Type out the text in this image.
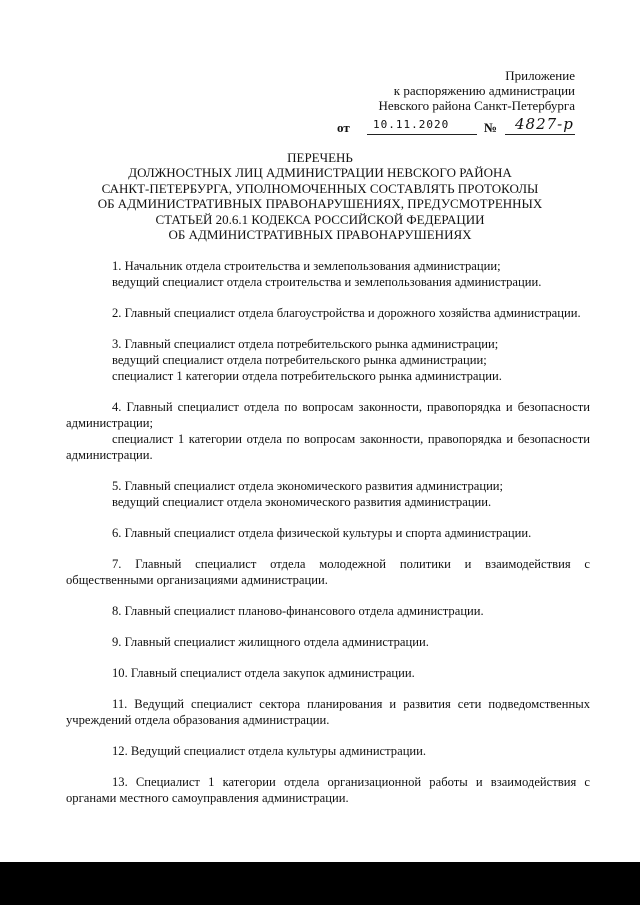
Приложение
к распоряжению администрации
Невского района Санкт-Петербурга
от 10.11.2020	№ 4827-р
ПЕРЕЧЕНЬ
ДОЛЖНОСТНЫХ ЛИЦ АДМИНИСТРАЦИИ НЕВСКОГО РАЙОНА
САНКТ-ПЕТЕРБУРГА, УПОЛНОМОЧЕННЫХ СОСТАВЛЯТЬ ПРОТОКОЛЫ
ОБ АДМИНИСТРАТИВНЫХ ПРАВОНАРУШЕНИЯХ, ПРЕДУСМОТРЕННЫХ
СТАТЬЕЙ 20.6.1 КОДЕКСА РОССИЙСКОЙ ФЕДЕРАЦИИ
ОБ АДМИНИСТРАТИВНЫХ ПРАВОНАРУШЕНИЯХ

1. Начальник отдела строительства и землепользования администрации;

ведущий специалист отдела строительства и землепользования администрации.

2. Главный специалист отдела благоустройства и дорожного хозяйства администрации.

3. Главный специалист отдела потребительского рынка администрации;

ведущий специалист отдела потребительского рынка администрации;

специалист 1 категории отдела потребительского рынка администрации.

4. Главный специалист отдела по вопросам законности, правопорядка и безопасности администрации;

специалист 1 категории отдела по вопросам законности, правопорядка и безопасности администрации.

5. Главный специалист отдела экономического развития администрации;

ведущий специалист отдела экономического развития администрации.

6. Главный специалист отдела физической культуры и спорта администрации.

7. Главный специалист отдела молодежной политики и взаимодействия с общественными организациями администрации.

8. Главный специалист планово-финансового отдела администрации.

9. Главный специалист жилищного отдела администрации.

10. Главный специалист отдела закупок администрации.

11. Ведущий специалист сектора планирования и развития сети подведомственных учреждений отдела образования администрации.

12. Ведущий специалист отдела культуры администрации.

13. Специалист 1 категории отдела организационной работы и взаимодействия с органами местного самоуправления администрации.
